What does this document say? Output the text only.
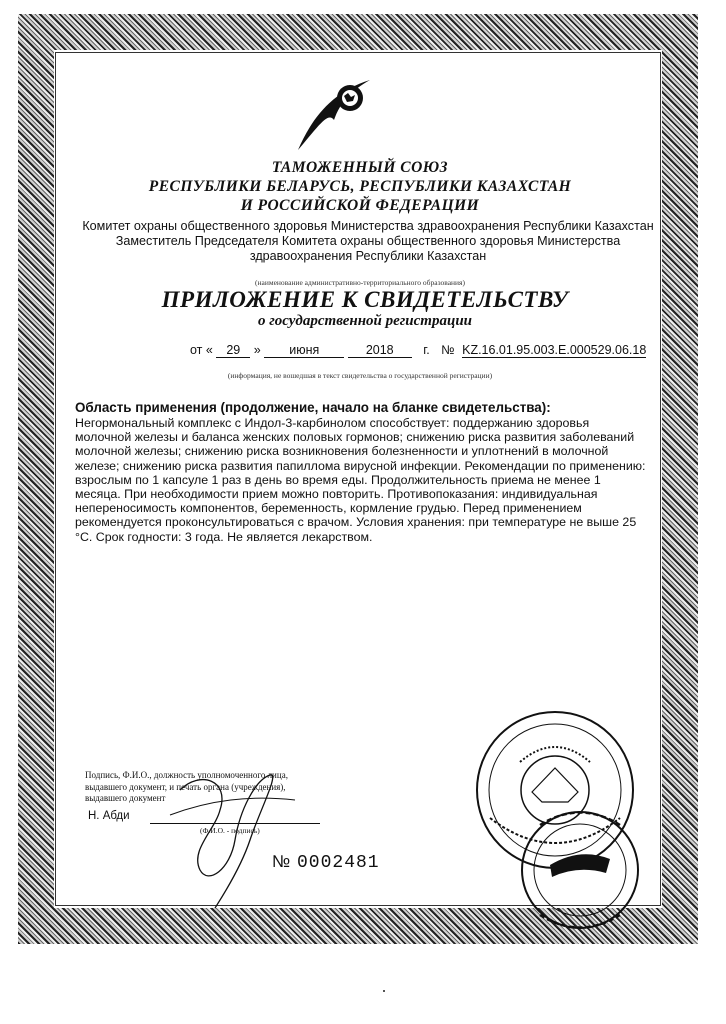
ТАМОЖЕННЫЙ СОЮЗ
РЕСПУБЛИКИ БЕЛАРУСЬ, РЕСПУБЛИКИ КАЗАХСТАН
И РОССИЙСКОЙ ФЕДЕРАЦИИ
Комитет охраны общественного здоровья Министерства здравоохранения Республики Казахстан
Заместитель Председателя Комитета охраны общественного здоровья Министерства
здравоохранения Республики Казахстан
(наименование административно-территориального образования)
ПРИЛОЖЕНИЕ К СВИДЕТЕЛЬСТВУ
о государственной регистрации
от « 29 » июня	2018 г. № KZ.16.01.95.003.E.000529.06.18
(информация, не вошедшая в текст свидетельства о государственной регистрации)
Область применения (продолжение, начало на бланке свидетельства):
Негормональный комплекс с Индол-3-карбинолом способствует: поддержанию здоровья
молочной железы и баланса женских половых гормонов; снижению риска развития заболеваний
молочной железы; снижению риска возникновения болезненности и уплотнений в молочной
железе; снижению риска развития папиллома вирусной инфекции. Рекомендации по применению:
взрослым по 1 капсуле 1 раз в день во время еды. Продолжительность приема не менее 1
месяца. При необходимости прием можно повторить. Противопоказания: индивидуальная
непереносимость компонентов, беременность, кормление грудью. Перед применением
рекомендуется проконсультироваться с врачом. Условия хранения: при температуре не выше 25
°С. Срок годности: 3 года. Не является лекарством.
Подпись, Ф.И.О., должность уполномоченного лица,
выдавшего документ, и печать органа (учреждения),
выдавшего документ
Н. Абди
(Ф.И.О. - подпись)
№ 0002481
